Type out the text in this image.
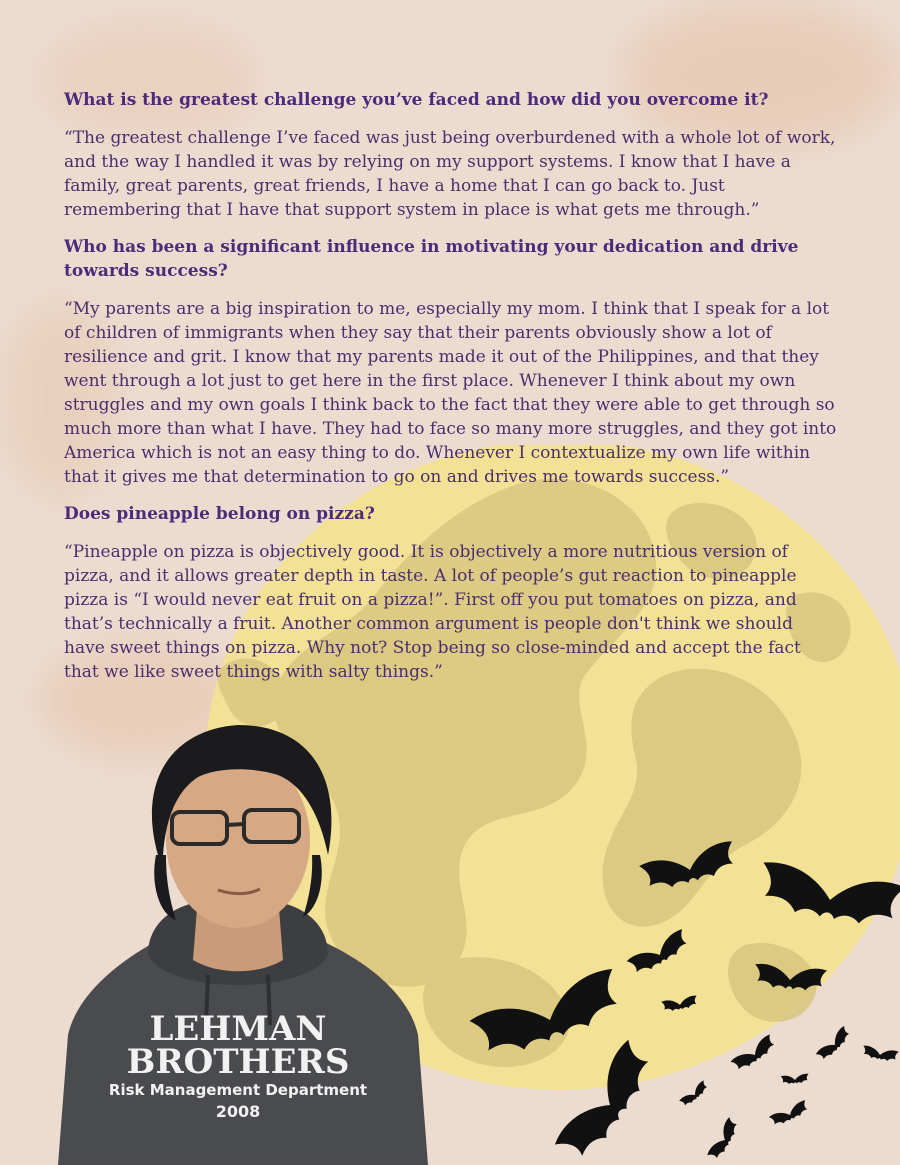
What is the greatest challenge you’ve faced and how did you overcome it?

“The greatest challenge I’ve faced was just being overburdened with a whole lot of work, and the way I handled it was by relying on my support systems. I know that I have a family, great parents, great friends, I have a home that I can go back to. Just remembering that I have that support system in place is what gets me through.”

Who has been a significant influence in motivating your dedication and drive towards success?

“My parents are a big inspiration to me, especially my mom. I think that I speak for a lot of children of immigrants when they say that their parents obviously show a lot of resilience and grit. I know that my parents made it out of the Philippines, and that they went through a lot just to get here in the first place. Whenever I think about my own struggles and my own goals I think back to the fact that they were able to get through so much more than what I have. They had to face so many more struggles, and they got into America which is not an easy thing to do. Whenever I contextualize my own life within that it gives me that determination to go on and drives me towards success.”

Does pineapple belong on pizza?

“Pineapple on pizza is objectively good. It is objectively a more nutritious version of pizza, and it allows greater depth in taste. A lot of people’s gut reaction to pineapple pizza is “I would never eat fruit on a pizza!”. First off you put tomatoes on pizza, and that’s technically a fruit. Another common argument is people don't think we should have sweet things on pizza. Why not? Stop being so close-minded and accept the fact that we like sweet things with salty things.”

LEHMAN
BROTHERS
Risk Management Department
2008
